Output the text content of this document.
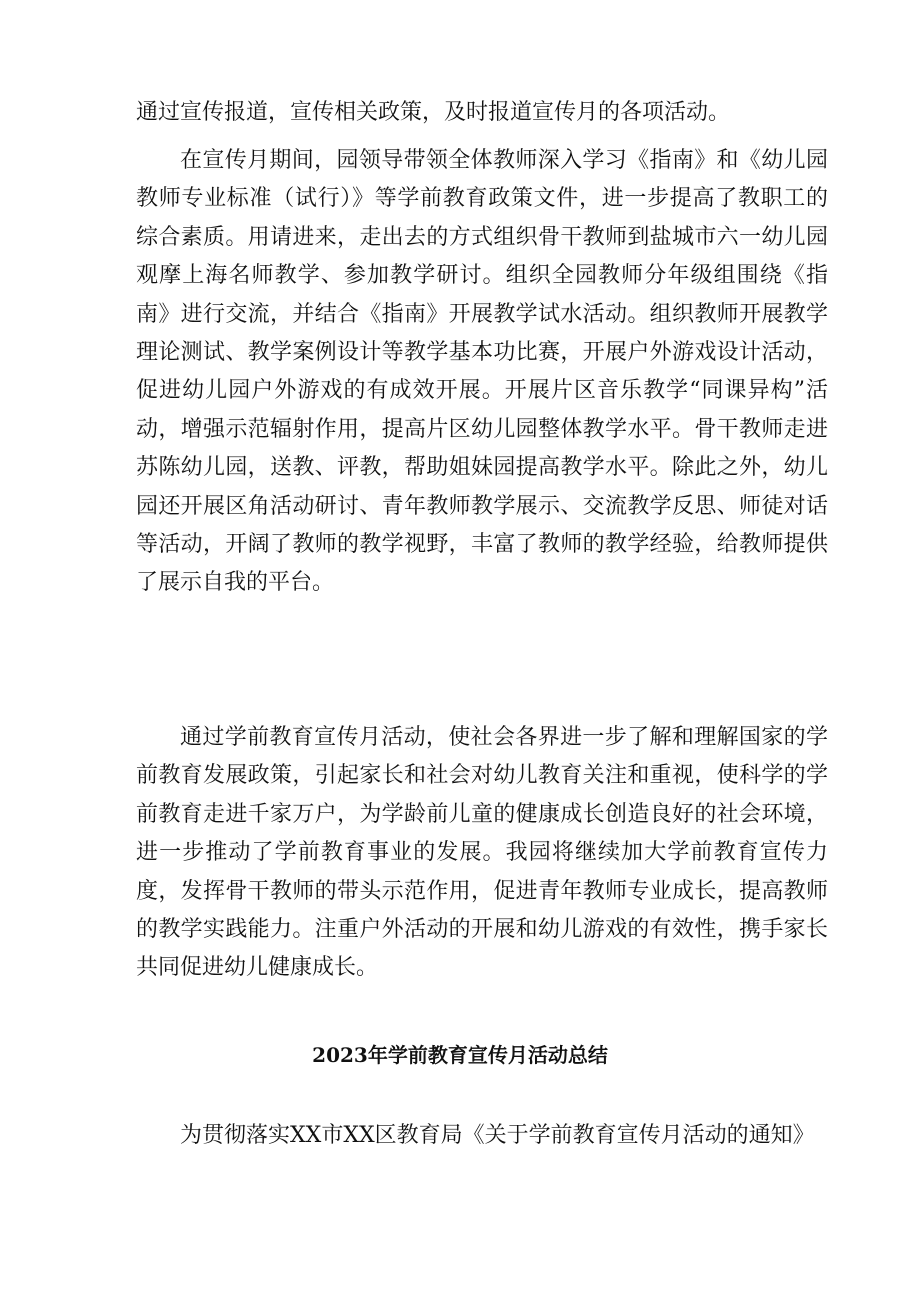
通过宣传报道，宣传相关政策，及时报道宣传月的各项活动。

在宣传月期间，园领导带领全体教师深入学习《指南》和《幼儿园教师专业标准（试行）》等学前教育政策文件，进一步提高了教职工的综合素质。用请进来，走出去的方式组织骨干教师到盐城市六一幼儿园观摩上海名师教学、参加教学研讨。组织全园教师分年级组围绕《指南》进行交流，并结合《指南》开展教学试水活动。组织教师开展教学理论测试、教学案例设计等教学基本功比赛，开展户外游戏设计活动，促进幼儿园户外游戏的有成效开展。开展片区音乐教学“同课异构”活动，增强示范辐射作用，提高片区幼儿园整体教学水平。骨干教师走进苏陈幼儿园，送教、评教，帮助姐妹园提高教学水平。除此之外，幼儿园还开展区角活动研讨、青年教师教学展示、交流教学反思、师徒对话等活动，开阔了教师的教学视野，丰富了教师的教学经验，给教师提供了展示自我的平台。

通过学前教育宣传月活动，使社会各界进一步了解和理解国家的学前教育发展政策，引起家长和社会对幼儿教育关注和重视，使科学的学前教育走进千家万户，为学龄前儿童的健康成长创造良好的社会环境，进一步推动了学前教育事业的发展。我园将继续加大学前教育宣传力度，发挥骨干教师的带头示范作用，促进青年教师专业成长，提高教师的教学实践能力。注重户外活动的开展和幼儿游戏的有效性，携手家长共同促进幼儿健康成长。

2023年学前教育宣传月活动总结

为贯彻落实XX市XX区教育局《关于学前教育宣传月活动的通知》
